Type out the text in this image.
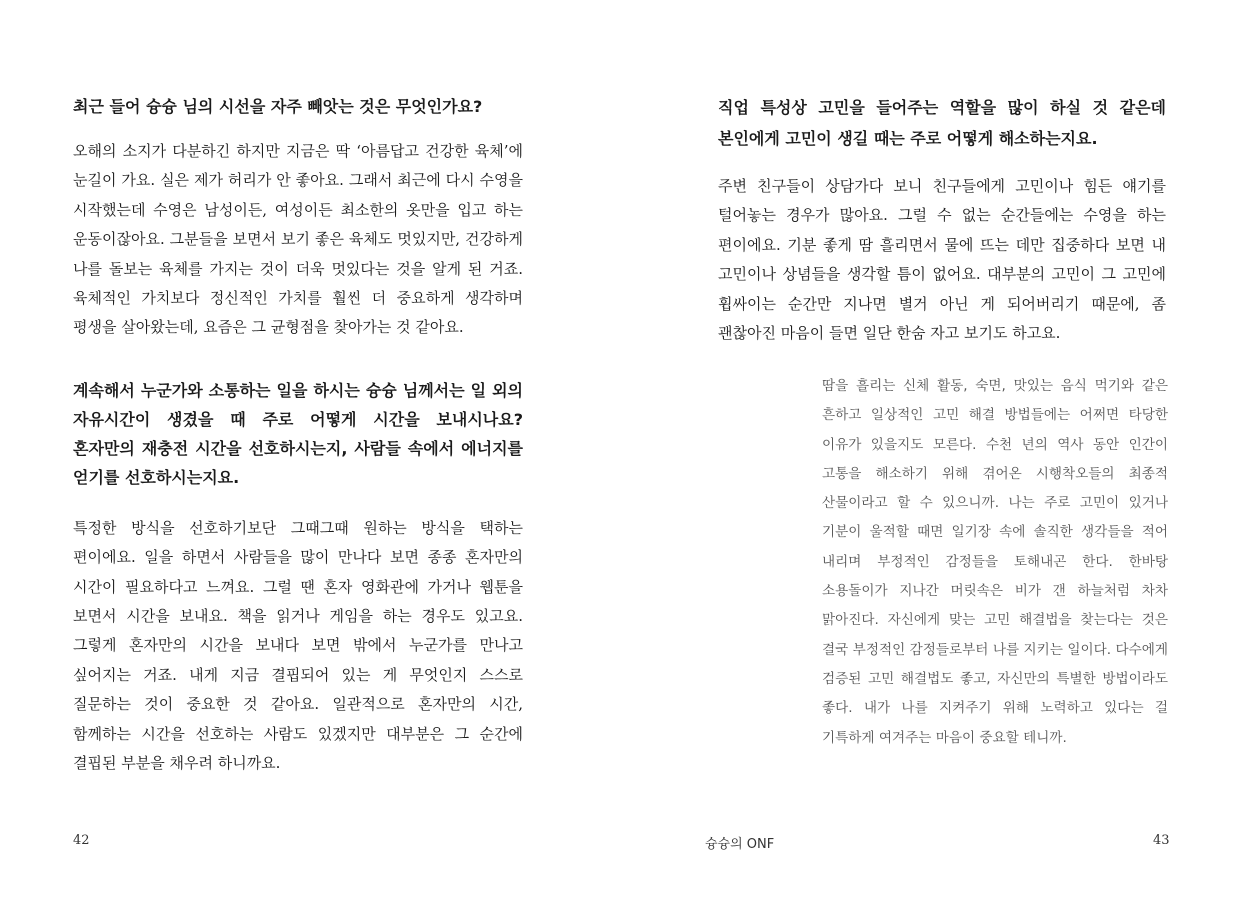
최근 들어 슝슝 님의 시선을 자주 빼앗는 것은 무엇인가요?

오해의 소지가 다분하긴 하지만 지금은 딱 ‘아름답고 건강한 육체’에 눈길이 가요. 실은 제가 허리가 안 좋아요. 그래서 최근에 다시 수영을 시작했는데 수영은 남성이든, 여성이든 최소한의 옷만을 입고 하는 운동이잖아요. 그분들을 보면서 보기 좋은 육체도 멋있지만, 건강하게 나를 돌보는 육체를 가지는 것이 더욱 멋있다는 것을 알게 된 거죠. 육체적인 가치보다 정신적인 가치를 훨씬 더 중요하게 생각하며 평생을 살아왔는데, 요즘은 그 균형점을 찾아가는 것 같아요.

계속해서 누군가와 소통하는 일을 하시는 슝슝 님께서는 일 외의 자유시간이 생겼을 때 주로 어떻게 시간을 보내시나요? 혼자만의 재충전 시간을 선호하시는지, 사람들 속에서 에너지를 얻기를 선호하시는지요.

특정한 방식을 선호하기보단 그때그때 원하는 방식을 택하는 편이에요. 일을 하면서 사람들을 많이 만나다 보면 종종 혼자만의 시간이 필요하다고 느껴요. 그럴 땐 혼자 영화관에 가거나 웹툰을 보면서 시간을 보내요. 책을 읽거나 게임을 하는 경우도 있고요. 그렇게 혼자만의 시간을 보내다 보면 밖에서 누군가를 만나고 싶어지는 거죠. 내게 지금 결핍되어 있는 게 무엇인지 스스로 질문하는 것이 중요한 것 같아요. 일관적으로 혼자만의 시간, 함께하는 시간을 선호하는 사람도 있겠지만 대부분은 그 순간에 결핍된 부분을 채우려 하니까요.

42

직업 특성상 고민을 들어주는 역할을 많이 하실 것 같은데 본인에게 고민이 생길 때는 주로 어떻게 해소하는지요.

주변 친구들이 상담가다 보니 친구들에게 고민이나 힘든 얘기를 털어놓는 경우가 많아요. 그럴 수 없는 순간들에는 수영을 하는 편이에요. 기분 좋게 땀 흘리면서 물에 뜨는 데만 집중하다 보면 내 고민이나 상념들을 생각할 틈이 없어요. 대부분의 고민이 그 고민에 휩싸이는 순간만 지나면 별거 아닌 게 되어버리기 때문에, 좀 괜찮아진 마음이 들면 일단 한숨 자고 보기도 하고요.

땀을 흘리는 신체 활동, 숙면, 맛있는 음식 먹기와 같은 흔하고 일상적인 고민 해결 방법들에는 어쩌면 타당한 이유가 있을지도 모른다. 수천 년의 역사 동안 인간이 고통을 해소하기 위해 겪어온 시행착오들의 최종적 산물이라고 할 수 있으니까. 나는 주로 고민이 있거나 기분이 울적할 때면 일기장 속에 솔직한 생각들을 적어 내리며 부정적인 감정들을 토해내곤 한다. 한바탕 소용돌이가 지나간 머릿속은 비가 갠 하늘처럼 차차 맑아진다. 자신에게 맞는 고민 해결법을 찾는다는 것은 결국 부정적인 감정들로부터 나를 지키는 일이다. 다수에게 검증된 고민 해결법도 좋고, 자신만의 특별한 방법이라도 좋다. 내가 나를 지켜주기 위해 노력하고 있다는 걸 기특하게 여겨주는 마음이 중요할 테니까.

슝슝의 ONF	43
